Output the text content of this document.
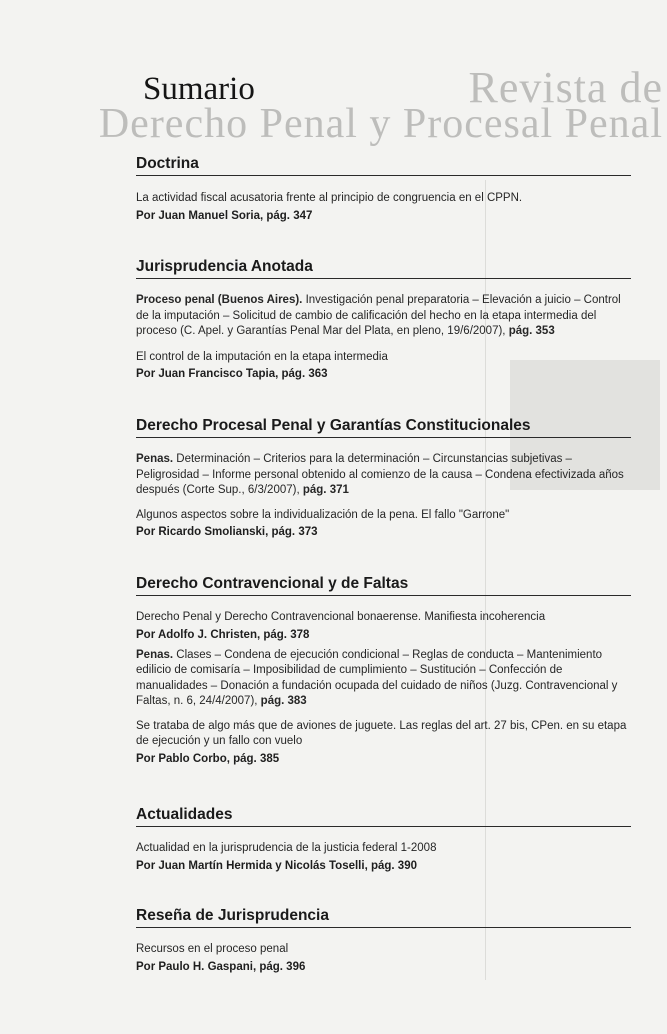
Revista de
Derecho Penal y Procesal Penal
Sumario
Doctrina
La actividad fiscal acusatoria frente al principio de congruencia en el CPPN.
Por Juan Manuel Soria, pág. 347
Jurisprudencia Anotada
Proceso penal (Buenos Aires). Investigación penal preparatoria – Elevación a juicio – Control de la imputación – Solicitud de cambio de calificación del hecho en la etapa intermedia del proceso (C. Apel. y Garantías Penal Mar del Plata, en pleno, 19/6/2007), pág. 353
El control de la imputación en la etapa intermedia
Por Juan Francisco Tapia, pág. 363
Derecho Procesal Penal y Garantías Constitucionales
Penas. Determinación – Criterios para la determinación – Circunstancias subjetivas – Peligrosidad – Informe personal obtenido al comienzo de la causa – Condena efectivizada años después (Corte Sup., 6/3/2007), pág. 371
Algunos aspectos sobre la individualización de la pena. El fallo "Garrone"
Por Ricardo Smolianski, pág. 373
Derecho Contravencional y de Faltas
Derecho Penal y Derecho Contravencional bonaerense. Manifiesta incoherencia
Por Adolfo J. Christen, pág. 378
Penas. Clases – Condena de ejecución condicional – Reglas de conducta – Mantenimiento edilicio de comisaría – Imposibilidad de cumplimiento – Sustitución – Confección de manualidades – Donación a fundación ocupada del cuidado de niños (Juzg. Contravencional y Faltas, n. 6, 24/4/2007), pág. 383
Se trataba de algo más que de aviones de juguete. Las reglas del art. 27 bis, CPen. en su etapa de ejecución y un fallo con vuelo
Por Pablo Corbo, pág. 385
Actualidades
Actualidad en la jurisprudencia de la justicia federal 1-2008
Por Juan Martín Hermida y Nicolás Toselli, pág. 390
Reseña de Jurisprudencia
Recursos en el proceso penal
Por Paulo H. Gaspani, pág. 396
